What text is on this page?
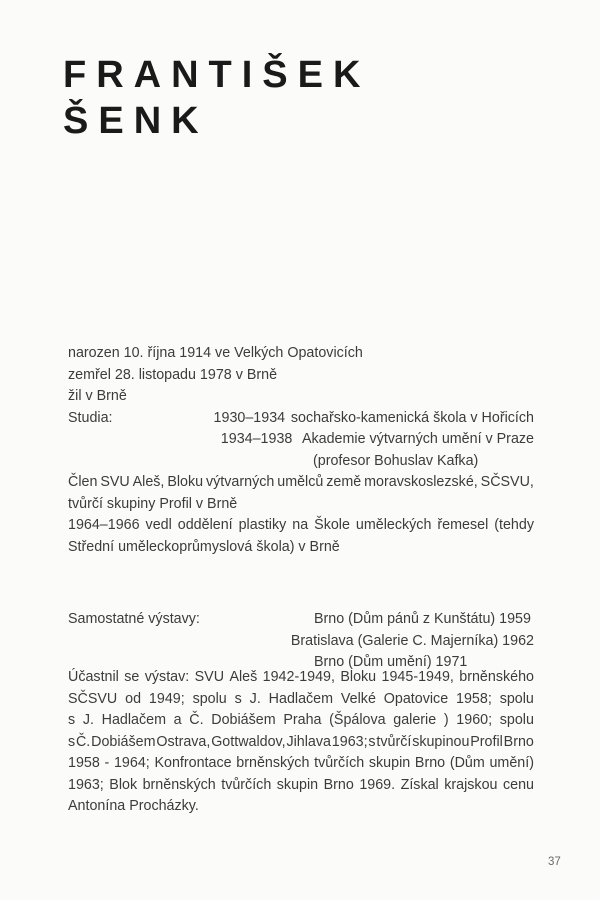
FRANTIŠEK
ŠENK
narozen 10. října 1914 ve Velkých Opatovicích
zemřel 28. listopadu 1978 v Brně
žil v Brně
Studia:	1930–1934 sochařsko-kamenická škola v Hořicích
1934–1938 Akademie výtvarných umění v Praze
(profesor Bohuslav Kafka)
Člen SVU Aleš, Bloku výtvarných umělců země moravskoslezské, SČSVU,
tvůrčí skupiny Profil v Brně
1964–1966 vedl oddělení plastiky na Škole uměleckých řemesel (tehdy
Střední uměleckoprůmyslová škola) v Brně
Samostatné výstavy:	Brno (Dům pánů z Kunštátu) 1959
Bratislava (Galerie C. Majerníka) 1962
Brno (Dům umění) 1971
Účastnil se výstav: SVU Aleš 1942-1949, Bloku 1945-1949, brněnského
SČSVU od 1949; spolu s J. Hadlačem Velké Opatovice 1958; spolu
s J. Hadlačem a Č. Dobiášem Praha (Špálova galerie ) 1960; spolu
s Č. Dobiášem Ostrava, Gottwaldov, Jihlava 1963; s tvůrčí skupinou Profil Brno
1958 - 1964; Konfrontace brněnských tvůrčích skupin Brno (Dům umění)
1963; Blok brněnských tvůrčích skupin Brno 1969. Získal krajskou cenu
Antonína Procházky.
37
